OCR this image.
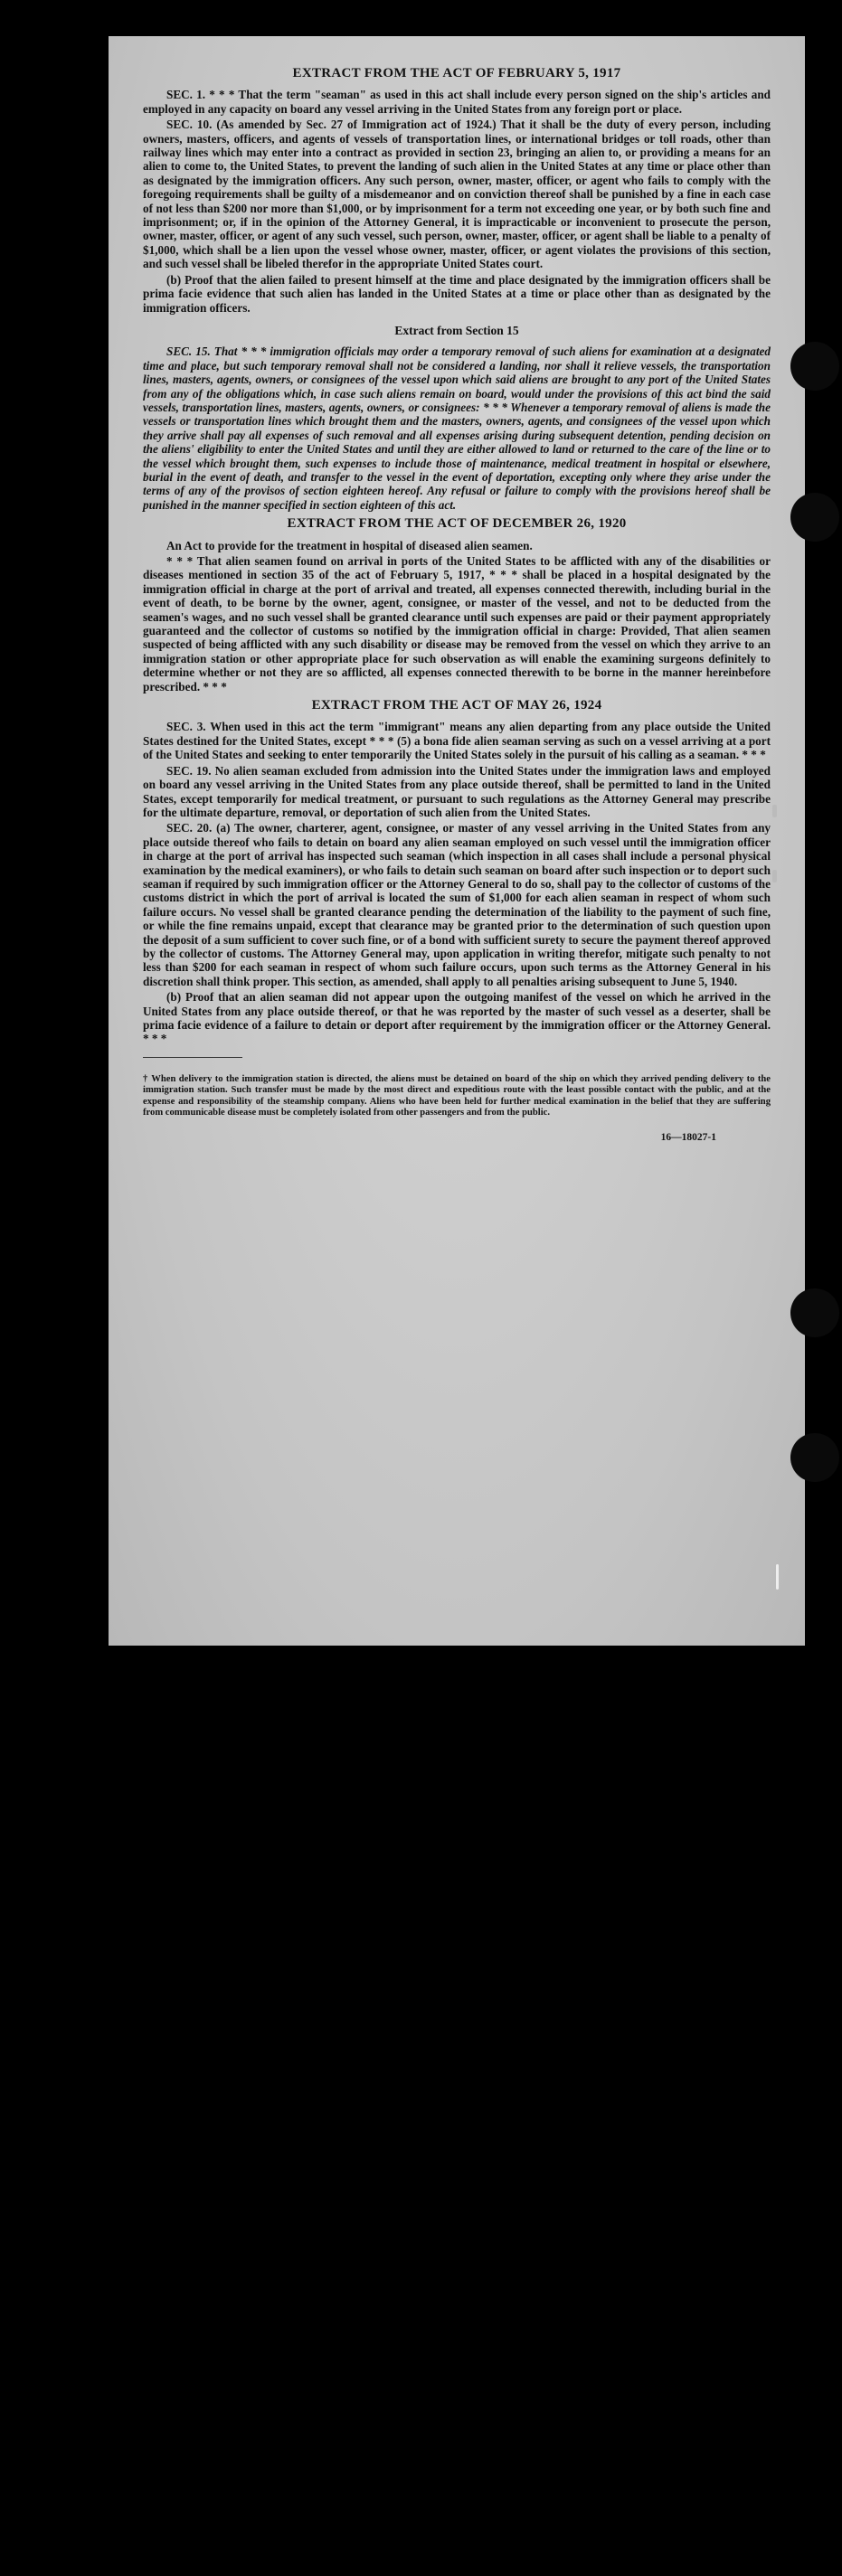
EXTRACT FROM THE ACT OF FEBRUARY 5, 1917

SEC. 1. * * * That the term "seaman" as used in this act shall include every person signed on the ship's articles and employed in any capacity on board any vessel arriving in the United States from any foreign port or place.

SEC. 10. (As amended by Sec. 27 of Immigration act of 1924.) That it shall be the duty of every person, including owners, masters, officers, and agents of vessels of transportation lines, or international bridges or toll roads, other than railway lines which may enter into a contract as provided in section 23, bringing an alien to, or providing a means for an alien to come to, the United States, to prevent the landing of such alien in the United States at any time or place other than as designated by the immigration officers. Any such person, owner, master, officer, or agent who fails to comply with the foregoing requirements shall be guilty of a misdemeanor and on conviction thereof shall be punished by a fine in each case of not less than $200 nor more than $1,000, or by imprisonment for a term not exceeding one year, or by both such fine and imprisonment; or, if in the opinion of the Attorney General, it is impracticable or inconvenient to prosecute the person, owner, master, officer, or agent of any such vessel, such person, owner, master, officer, or agent shall be liable to a penalty of $1,000, which shall be a lien upon the vessel whose owner, master, officer, or agent violates the provisions of this section, and such vessel shall be libeled therefor in the appropriate United States court.

(b) Proof that the alien failed to present himself at the time and place designated by the immigration officers shall be prima facie evidence that such alien has landed in the United States at a time or place other than as designated by the immigration officers.

Extract from Section 15

SEC. 15. That * * * immigration officials may order a temporary removal of such aliens for examination at a designated time and place, but such temporary removal shall not be considered a landing, nor shall it relieve vessels, the transportation lines, masters, agents, owners, or consignees of the vessel upon which said aliens are brought to any port of the United States from any of the obligations which, in case such aliens remain on board, would under the provisions of this act bind the said vessels, transportation lines, masters, agents, owners, or consignees: * * * Whenever a temporary removal of aliens is made the vessels or transportation lines which brought them and the masters, owners, agents, and consignees of the vessel upon which they arrive shall pay all expenses of such removal and all expenses arising during subsequent detention, pending decision on the aliens' eligibility to enter the United States and until they are either allowed to land or returned to the care of the line or to the vessel which brought them, such expenses to include those of maintenance, medical treatment in hospital or elsewhere, burial in the event of death, and transfer to the vessel in the event of deportation, excepting only where they arise under the terms of any of the provisos of section eighteen hereof. Any refusal or failure to comply with the provisions hereof shall be punished in the manner specified in section eighteen of this act.

EXTRACT FROM THE ACT OF DECEMBER 26, 1920

An Act to provide for the treatment in hospital of diseased alien seamen.

* * * That alien seamen found on arrival in ports of the United States to be afflicted with any of the disabilities or diseases mentioned in section 35 of the act of February 5, 1917, * * * shall be placed in a hospital designated by the immigration official in charge at the port of arrival and treated, all expenses connected therewith, including burial in the event of death, to be borne by the owner, agent, consignee, or master of the vessel, and not to be deducted from the seamen's wages, and no such vessel shall be granted clearance until such expenses are paid or their payment appropriately guaranteed and the collector of customs so notified by the immigration official in charge: Provided, That alien seamen suspected of being afflicted with any such disability or disease may be removed from the vessel on which they arrive to an immigration station or other appropriate place for such observation as will enable the examining surgeons definitely to determine whether or not they are so afflicted, all expenses connected therewith to be borne in the manner hereinbefore prescribed. * * *

EXTRACT FROM THE ACT OF MAY 26, 1924

SEC. 3. When used in this act the term "immigrant" means any alien departing from any place outside the United States destined for the United States, except * * * (5) a bona fide alien seaman serving as such on a vessel arriving at a port of the United States and seeking to enter temporarily the United States solely in the pursuit of his calling as a seaman. * * *

SEC. 19. No alien seaman excluded from admission into the United States under the immigration laws and employed on board any vessel arriving in the United States from any place outside thereof, shall be permitted to land in the United States, except temporarily for medical treatment, or pursuant to such regulations as the Attorney General may prescribe for the ultimate departure, removal, or deportation of such alien from the United States.

SEC. 20. (a) The owner, charterer, agent, consignee, or master of any vessel arriving in the United States from any place outside thereof who fails to detain on board any alien seaman employed on such vessel until the immigration officer in charge at the port of arrival has inspected such seaman (which inspection in all cases shall include a personal physical examination by the medical examiners), or who fails to detain such seaman on board after such inspection or to deport such seaman if required by such immigration officer or the Attorney General to do so, shall pay to the collector of customs of the customs district in which the port of arrival is located the sum of $1,000 for each alien seaman in respect of whom such failure occurs. No vessel shall be granted clearance pending the determination of the liability to the payment of such fine, or while the fine remains unpaid, except that clearance may be granted prior to the determination of such question upon the deposit of a sum sufficient to cover such fine, or of a bond with sufficient surety to secure the payment thereof approved by the collector of customs. The Attorney General may, upon application in writing therefor, mitigate such penalty to not less than $200 for each seaman in respect of whom such failure occurs, upon such terms as the Attorney General in his discretion shall think proper. This section, as amended, shall apply to all penalties arising subsequent to June 5, 1940.

(b) Proof that an alien seaman did not appear upon the outgoing manifest of the vessel on which he arrived in the United States from any place outside thereof, or that he was reported by the master of such vessel as a deserter, shall be prima facie evidence of a failure to detain or deport after requirement by the immigration officer or the Attorney General. * * *

† When delivery to the immigration station is directed, the aliens must be detained on board of the ship on which they arrived pending delivery to the immigration station. Such transfer must be made by the most direct and expeditious route with the least possible contact with the public, and at the expense and responsibility of the steamship company. Aliens who have been held for further medical examination in the belief that they are suffering from communicable disease must be completely isolated from other passengers and from the public.
16—18027-1
